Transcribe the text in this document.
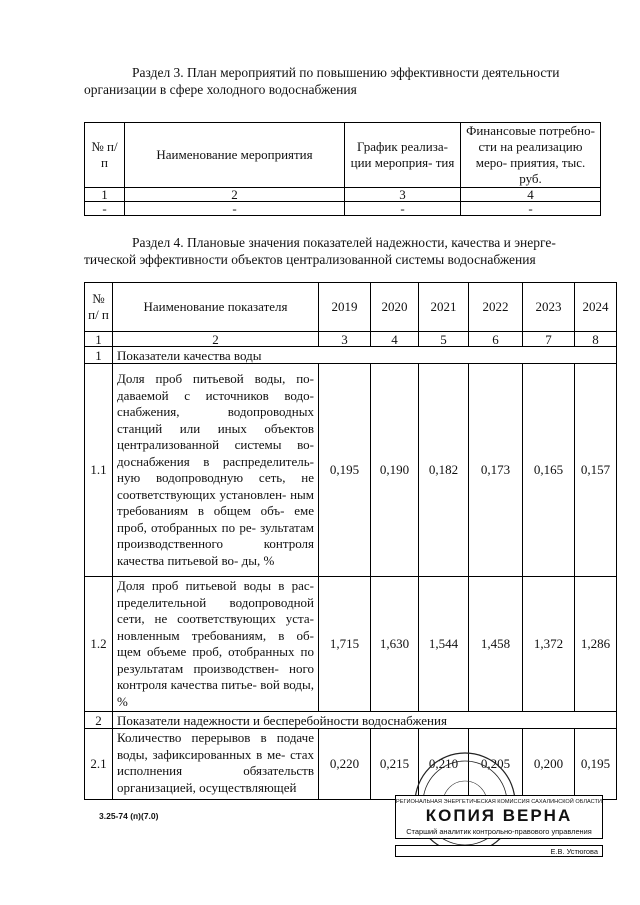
Раздел 3. План мероприятий по повышению эффективности деятельности
организации в сфере холодного водоснабжения

№ п/п	Наименование мероприятия	График реализа- ции мероприя- тия	Финансовые потребно- сти на реализацию меро- приятия, тыс. руб.
1	2	3	4
-	-	-	-

Раздел 4. Плановые значения показателей надежности, качества и энерге-
тической эффективности объектов централизованной системы водоснабжения

№ п/ п	Наименование показателя	2019	2020	2021	2022	2023	2024
1	2	3	4	5	6	7	8
1	Показатели качества воды						
1.1	Доля проб питьевой воды, по- даваемой с источников водо- снабжения, водопроводных станций или иных объектов централизованной системы во- доснабжения в распределитель- ную водопроводную сеть, не соответствующих установлен- ным требованиям в общем объ- еме проб, отобранных по ре- зультатам производственного контроля качества питьевой во- ды, %	0,195	0,190	0,182	0,173	0,165	0,157
1.2	Доля проб питьевой воды в рас- пределительной водопроводной сети, не соответствующих уста- новленным требованиям, в об- щем объеме проб, отобранных по результатам производствен- ного контроля качества питье- вой воды, %	1,715	1,630	1,544	1,458	1,372	1,286
2	Показатели надежности и бесперебойности водоснабжения						
2.1	Количество перерывов в подаче воды, зафиксированных в ме- стах исполнения обязательств организацией, осуществляющей	0,220	0,215	0,210	0,205	0,200	0,195
3.25-74 (п)(7.0)
РЕГИОНАЛЬНАЯ ЭНЕРГЕТИЧЕСКАЯ КОМИССИЯ САХАЛИНСКОЙ ОБЛАСТИ
КОПИЯ ВЕРНА
Старший аналитик контрольно-правового управления
Е.В. Устюгова
